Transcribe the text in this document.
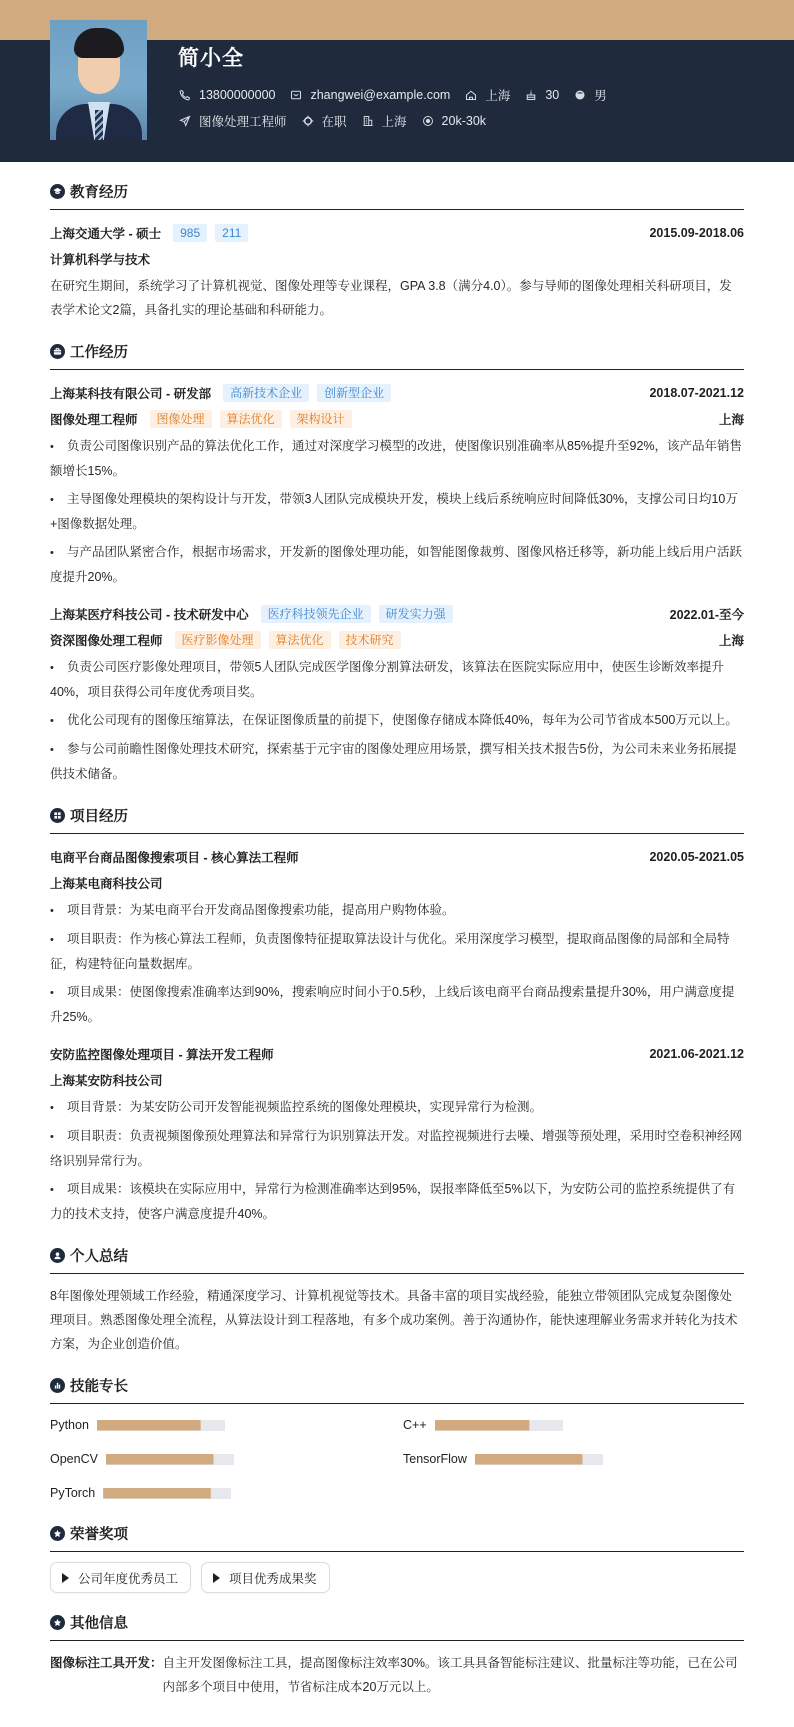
简小全
13800000000	zhangwei@example.com	上海	30	男
图像处理工程师	在职	上海	20k-30k
教育经历
上海交通大学 - 硕士	985	211	2015.09-2018.06
计算机科学与技术
在研究生期间，系统学习了计算机视觉、图像处理等专业课程，GPA 3.8（满分4.0）。参与导师的图像处理相关科研项目，发表学术论文2篇，具备扎实的理论基础和科研能力。
工作经历
上海某科技有限公司 - 研发部	高新技术企业	创新型企业	2018.07-2021.12
图像处理工程师	图像处理	算法优化	架构设计	上海
• 负责公司图像识别产品的算法优化工作，通过对深度学习模型的改进，使图像识别准确率从85%提升至92%，该产品年销售额增长15%。
• 主导图像处理模块的架构设计与开发，带领3人团队完成模块开发，模块上线后系统响应时间降低30%，支撑公司日均10万+图像数据处理。
• 与产品团队紧密合作，根据市场需求，开发新的图像处理功能，如智能图像裁剪、图像风格迁移等，新功能上线后用户活跃度提升20%。
上海某医疗科技公司 - 技术研发中心	医疗科技领先企业	研发实力强	2022.01-至今
资深图像处理工程师	医疗影像处理	算法优化	技术研究	上海
• 负责公司医疗影像处理项目，带领5人团队完成医学图像分割算法研发，该算法在医院实际应用中，使医生诊断效率提升40%，项目获得公司年度优秀项目奖。
• 优化公司现有的图像压缩算法，在保证图像质量的前提下，使图像存储成本降低40%，每年为公司节省成本500万元以上。
• 参与公司前瞻性图像处理技术研究，探索基于元宇宙的图像处理应用场景，撰写相关技术报告5份，为公司未来业务拓展提供技术储备。
项目经历
电商平台商品图像搜索项目 - 核心算法工程师	2020.05-2021.05
上海某电商科技公司
• 项目背景：为某电商平台开发商品图像搜索功能，提高用户购物体验。
• 项目职责：作为核心算法工程师，负责图像特征提取算法设计与优化。采用深度学习模型，提取商品图像的局部和全局特征，构建特征向量数据库。
• 项目成果：使图像搜索准确率达到90%，搜索响应时间小于0.5秒，上线后该电商平台商品搜索量提升30%，用户满意度提升25%。
安防监控图像处理项目 - 算法开发工程师	2021.06-2021.12
上海某安防科技公司
• 项目背景：为某安防公司开发智能视频监控系统的图像处理模块，实现异常行为检测。
• 项目职责：负责视频图像预处理算法和异常行为识别算法开发。对监控视频进行去噪、增强等预处理，采用时空卷积神经网络识别异常行为。
• 项目成果：该模块在实际应用中，异常行为检测准确率达到95%，误报率降低至5%以下，为安防公司的监控系统提供了有力的技术支持，使客户满意度提升40%。
个人总结
8年图像处理领域工作经验，精通深度学习、计算机视觉等技术。具备丰富的项目实战经验，能独立带领团队完成复杂图像处理项目。熟悉图像处理全流程，从算法设计到工程落地，有多个成功案例。善于沟通协作，能快速理解业务需求并转化为技术方案，为企业创造价值。
技能专长
Python	C++
OpenCV	TensorFlow
PyTorch
荣誉奖项
公司年度优秀员工	项目优秀成果奖
其他信息
图像标注工具开发： 自主开发图像标注工具，提高图像标注效率30%。该工具具备智能标注建议、批量标注等功能，已在公司内部多个项目中使用，节省标注成本20万元以上。
